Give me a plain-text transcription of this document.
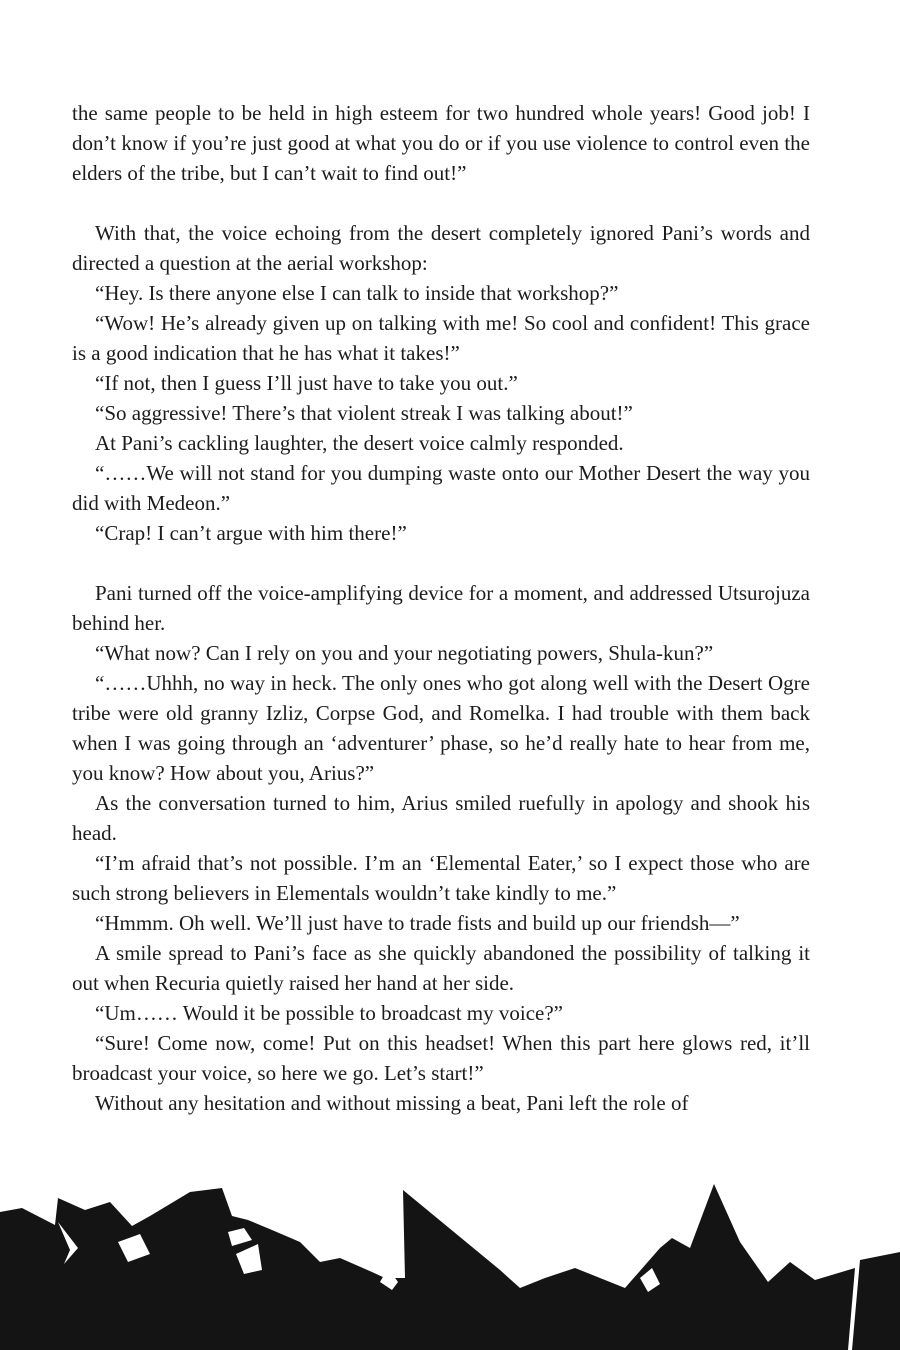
the same people to be held in high esteem for two hundred whole years! Good job! I don’t know if you’re just good at what you do or if you use violence to control even the elders of the tribe, but I can’t wait to find out!”

With that, the voice echoing from the desert completely ignored Pani’s words and directed a question at the aerial workshop:

“Hey. Is there anyone else I can talk to inside that workshop?”

“Wow! He’s already given up on talking with me! So cool and confident! This grace is a good indication that he has what it takes!”

“If not, then I guess I’ll just have to take you out.”

“So aggressive! There’s that violent streak I was talking about!”

At Pani’s cackling laughter, the desert voice calmly responded.

“……We will not stand for you dumping waste onto our Mother Desert the way you did with Medeon.”

“Crap! I can’t argue with him there!”

Pani turned off the voice-amplifying device for a moment, and addressed Utsurojuza behind her.

“What now? Can I rely on you and your negotiating powers, Shula-kun?”

“……Uhhh, no way in heck. The only ones who got along well with the Desert Ogre tribe were old granny Izliz, Corpse God, and Romelka. I had trouble with them back when I was going through an ‘adventurer’ phase, so he’d really hate to hear from me, you know? How about you, Arius?”

As the conversation turned to him, Arius smiled ruefully in apology and shook his head.

“I’m afraid that’s not possible. I’m an ‘Elemental Eater,’ so I expect those who are such strong believers in Elementals wouldn’t take kindly to me.”

“Hmmm. Oh well. We’ll just have to trade fists and build up our friendsh—”

A smile spread to Pani’s face as she quickly abandoned the possibility of talking it out when Recuria quietly raised her hand at her side.

“Um…… Would it be possible to broadcast my voice?”

“Sure! Come now, come! Put on this headset! When this part here glows red, it’ll broadcast your voice, so here we go. Let’s start!”

Without any hesitation and without missing a beat, Pani left the role of
